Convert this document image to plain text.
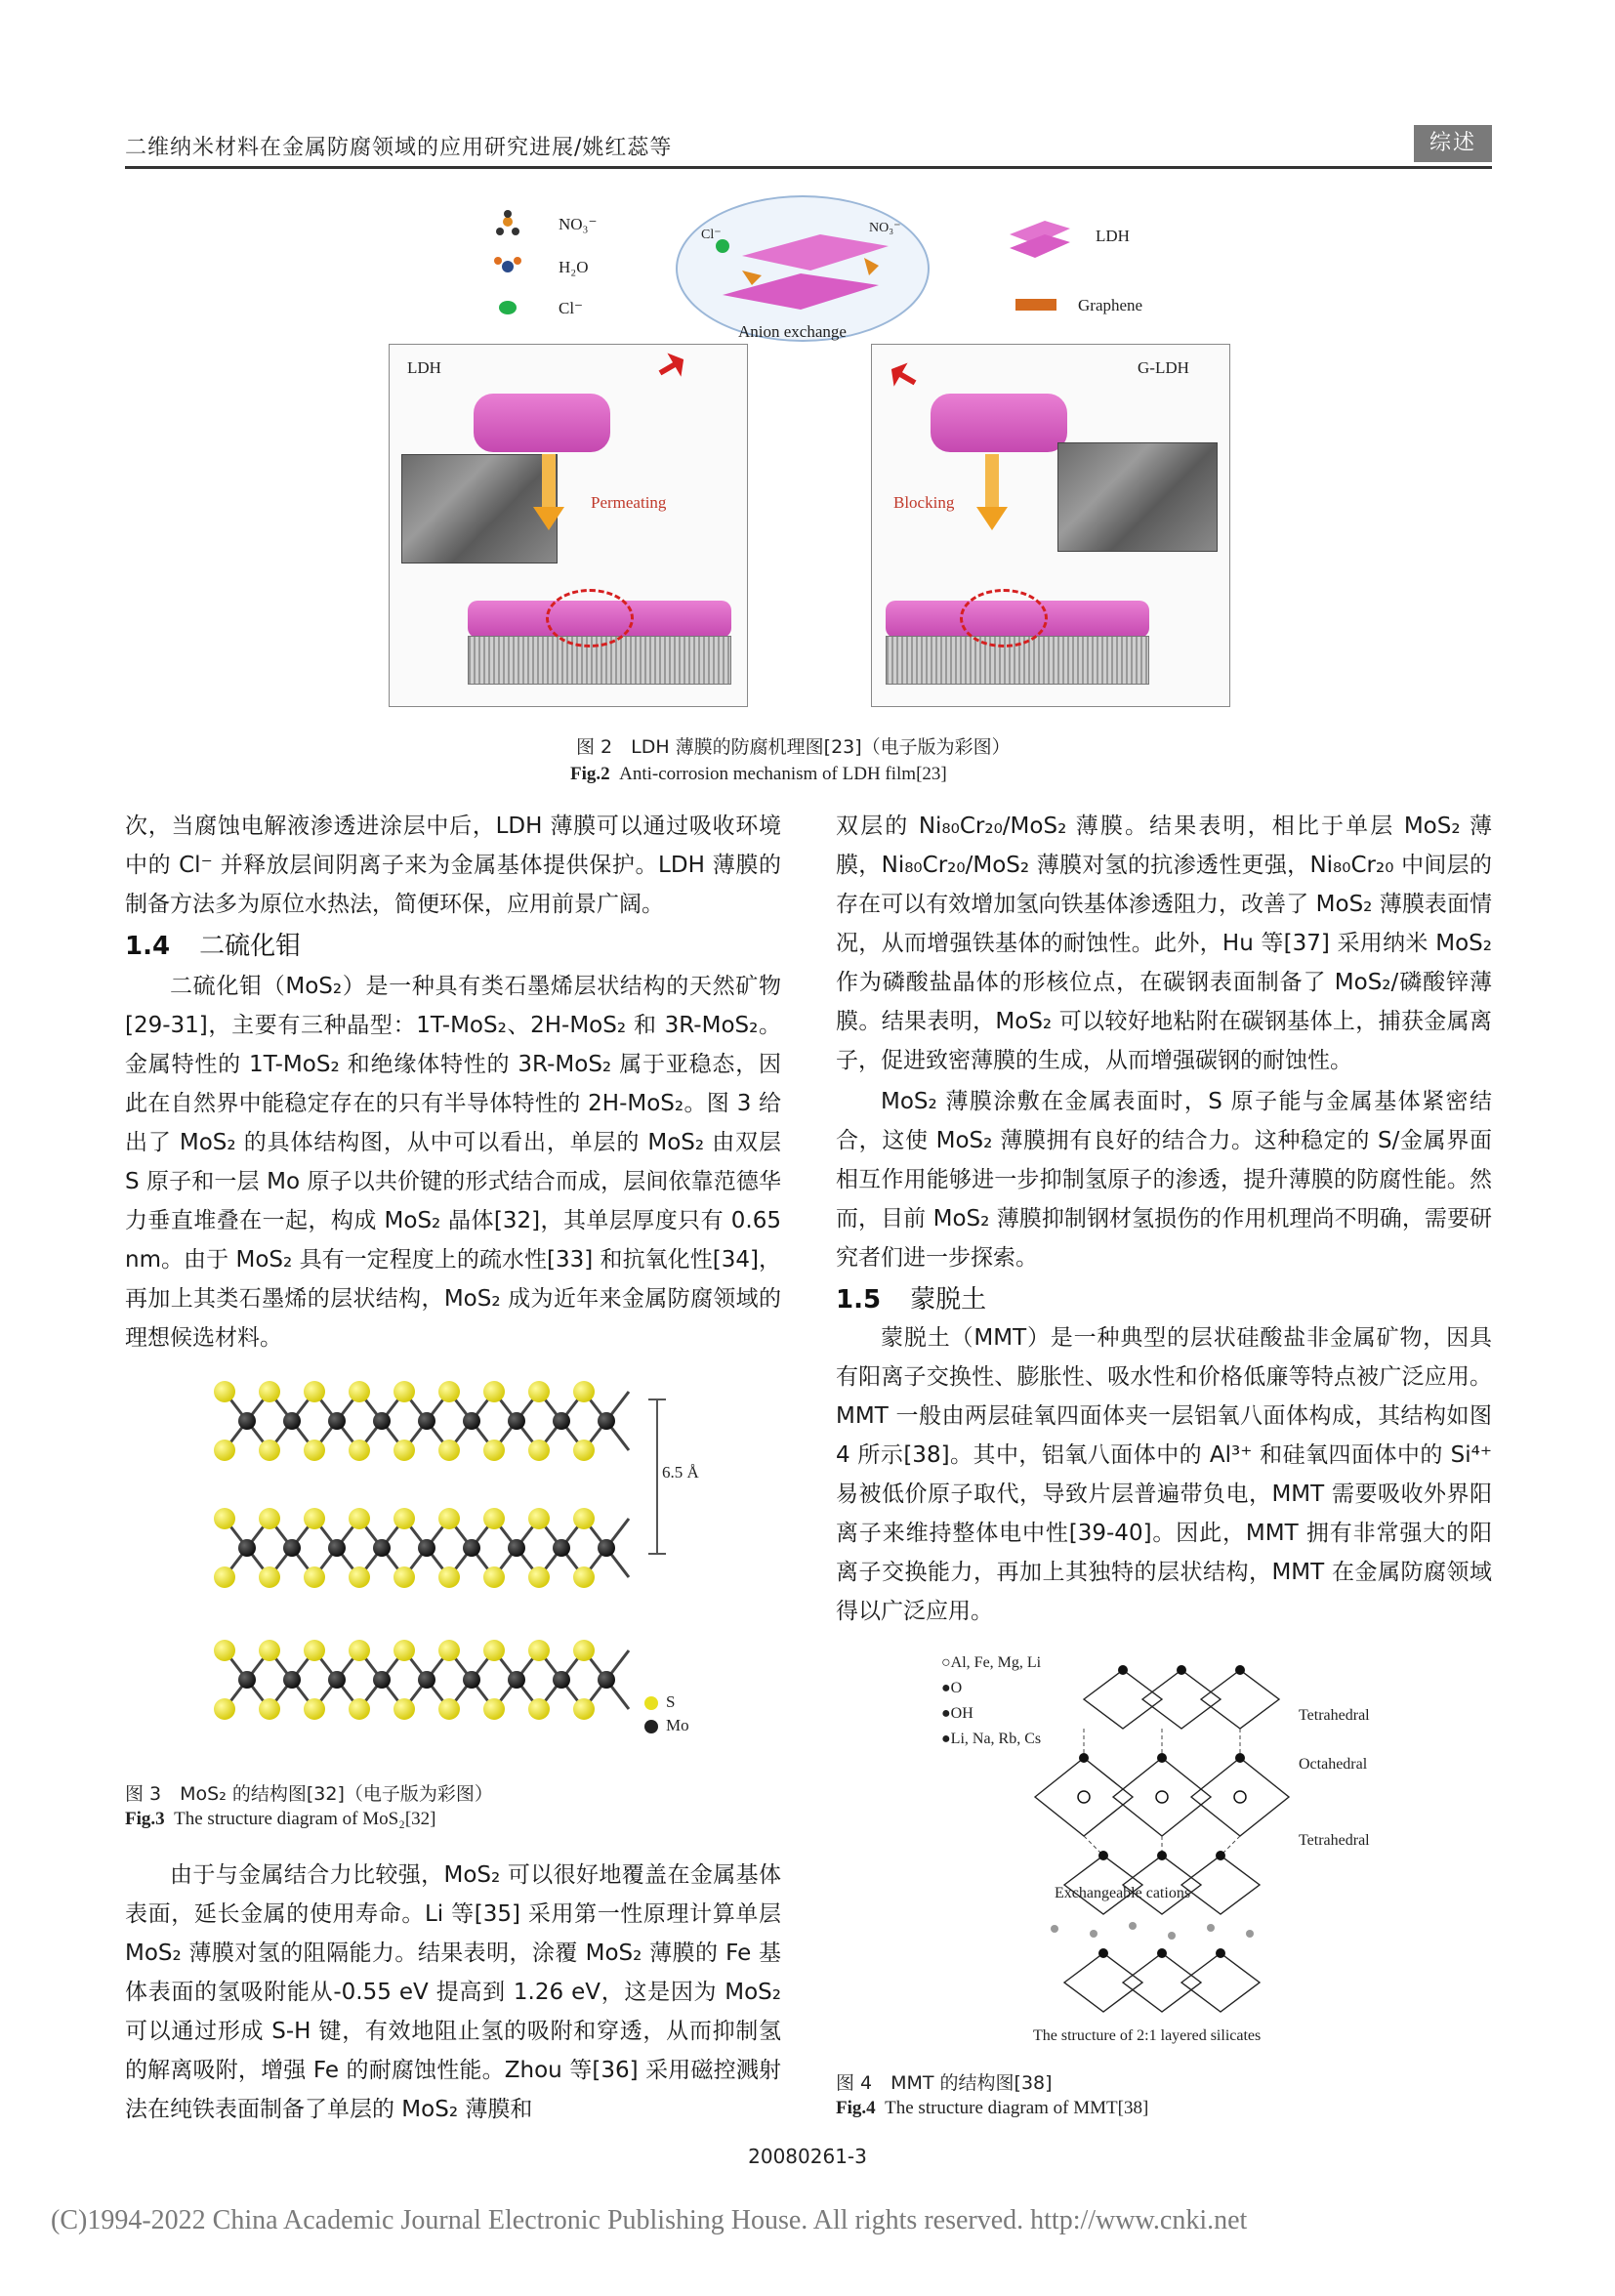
二维纳米材料在金属防腐领域的应用研究进展/姚红蕊等	综述
NO₃⁻
H₂O
Cl⁻
Cl⁻	NO₃⁻
Anion exchange
LDH
Graphene
LDH
Permeating
G-LDH
Blocking
图 2　LDH 薄膜的防腐机理图[23]（电子版为彩图）
Fig.2 Anti-corrosion mechanism of LDH film[23]

次，当腐蚀电解液渗透进涂层中后，LDH 薄膜可以通过吸收环境中的 Cl⁻ 并释放层间阴离子来为金属基体提供保护。LDH 薄膜的制备方法多为原位水热法，简便环保，应用前景广阔。

1.4 二硫化钼

二硫化钼（MoS₂）是一种具有类石墨烯层状结构的天然矿物[29-31]，主要有三种晶型：1T-MoS₂、2H-MoS₂ 和 3R-MoS₂。金属特性的 1T-MoS₂ 和绝缘体特性的 3R-MoS₂ 属于亚稳态，因此在自然界中能稳定存在的只有半导体特性的 2H-MoS₂。图 3 给出了 MoS₂ 的具体结构图，从中可以看出，单层的 MoS₂ 由双层 S 原子和一层 Mo 原子以共价键的形式结合而成，层间依靠范德华力垂直堆叠在一起，构成 MoS₂ 晶体[32]，其单层厚度只有 0.65 nm。由于 MoS₂ 具有一定程度上的疏水性[33] 和抗氧化性[34]，再加上其类石墨烯的层状结构，MoS₂ 成为近年来金属防腐领域的理想候选材料。

6.5 Å
S
Mo
图 3　MoS₂ 的结构图[32]（电子版为彩图）
Fig.3 The structure diagram of MoS₂[32]

由于与金属结合力比较强，MoS₂ 可以很好地覆盖在金属基体表面，延长金属的使用寿命。Li 等[35] 采用第一性原理计算单层 MoS₂ 薄膜对氢的阻隔能力。结果表明，涂覆 MoS₂ 薄膜的 Fe 基体表面的氢吸附能从-0.55 eV 提高到 1.26 eV，这是因为 MoS₂ 可以通过形成 S-H 键，有效地阻止氢的吸附和穿透，从而抑制氢的解离吸附，增强 Fe 的耐腐蚀性能。Zhou 等[36] 采用磁控溅射法在纯铁表面制备了单层的 MoS₂ 薄膜和

双层的 Ni₈₀Cr₂₀/MoS₂ 薄膜。结果表明，相比于单层 MoS₂ 薄膜，Ni₈₀Cr₂₀/MoS₂ 薄膜对氢的抗渗透性更强，Ni₈₀Cr₂₀ 中间层的存在可以有效增加氢向铁基体渗透阻力，改善了 MoS₂ 薄膜表面情况，从而增强铁基体的耐蚀性。此外，Hu 等[37] 采用纳米 MoS₂ 作为磷酸盐晶体的形核位点，在碳钢表面制备了 MoS₂/磷酸锌薄膜。结果表明，MoS₂ 可以较好地粘附在碳钢基体上，捕获金属离子，促进致密薄膜的生成，从而增强碳钢的耐蚀性。

MoS₂ 薄膜涂敷在金属表面时，S 原子能与金属基体紧密结合，这使 MoS₂ 薄膜拥有良好的结合力。这种稳定的 S/金属界面相互作用能够进一步抑制氢原子的渗透，提升薄膜的防腐性能。然而，目前 MoS₂ 薄膜抑制钢材氢损伤的作用机理尚不明确，需要研究者们进一步探索。

1.5 蒙脱土

蒙脱土（MMT）是一种典型的层状硅酸盐非金属矿物，因具有阳离子交换性、膨胀性、吸水性和价格低廉等特点被广泛应用。MMT 一般由两层硅氧四面体夹一层铝氧八面体构成，其结构如图 4 所示[38]。其中，铝氧八面体中的 Al³⁺ 和硅氧四面体中的 Si⁴⁺ 易被低价原子取代，导致片层普遍带负电，MMT 需要吸收外界阳离子来维持整体电中性[39-40]。因此，MMT 拥有非常强大的阳离子交换能力，再加上其独特的层状结构，MMT 在金属防腐领域得以广泛应用。

○Al, Fe, Mg, Li
●O
●OH
●Li, Na, Rb, Cs
Tetrahedral
Octahedral
Tetrahedral
Exchangeable cations
The structure of 2:1 layered silicates
图 4　MMT 的结构图[38]
Fig.4 The structure diagram of MMT[38]
20080261-3
(C)1994-2022 China Academic Journal Electronic Publishing House. All rights reserved. http://www.cnki.net
